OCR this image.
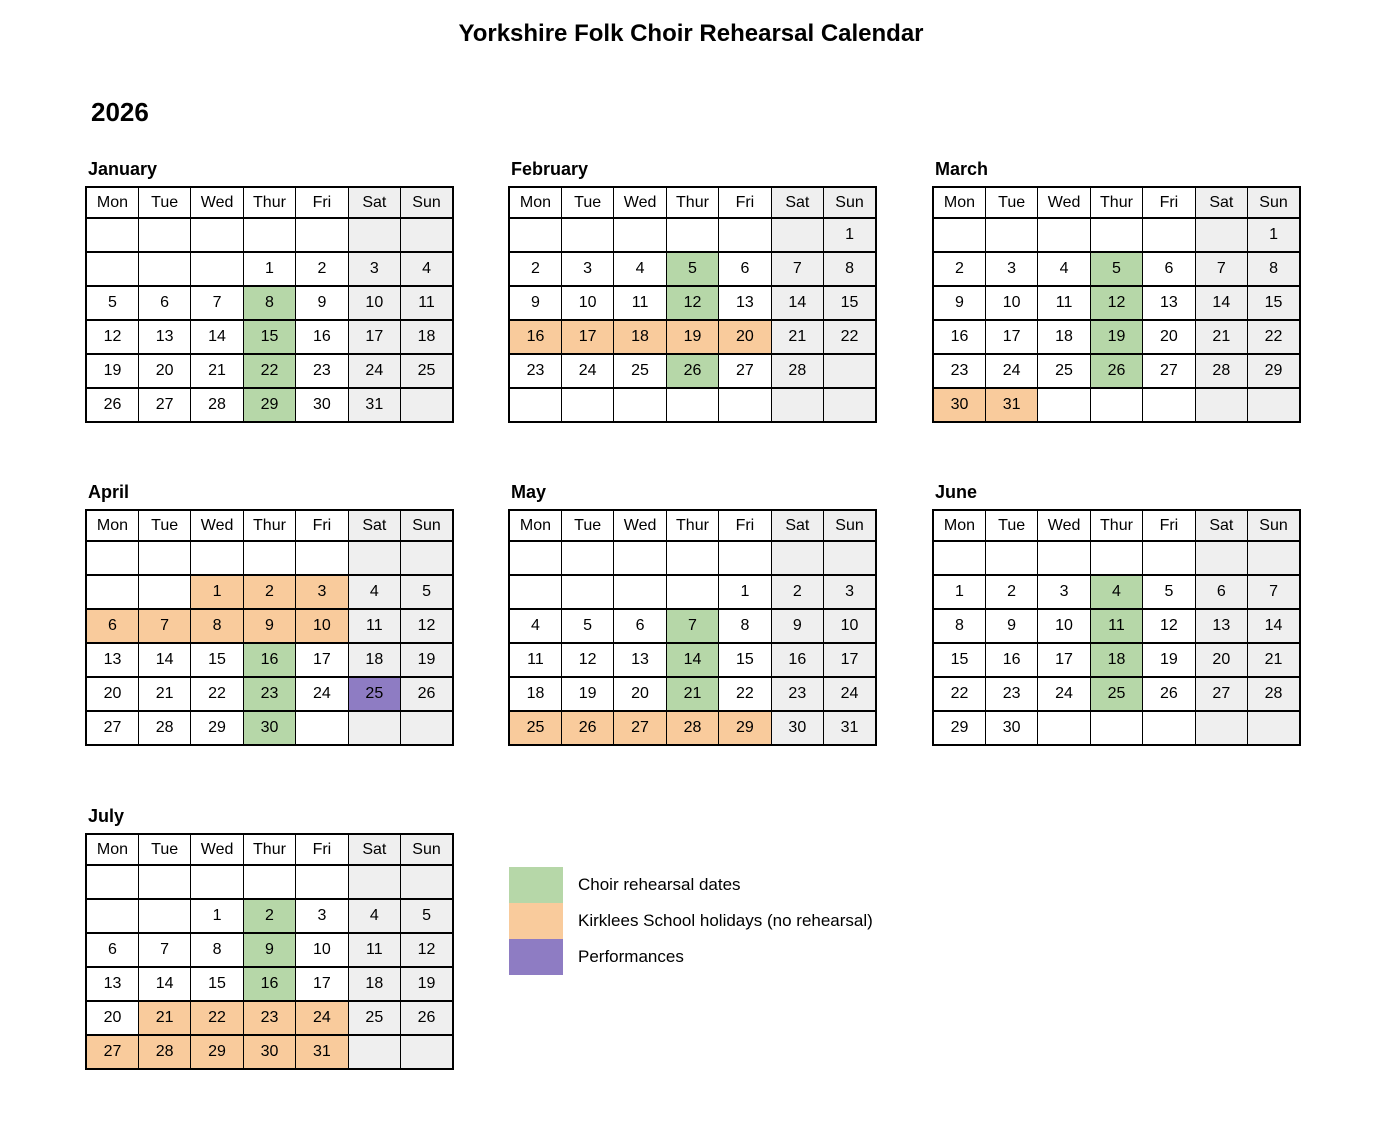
Yorkshire Folk Choir Rehearsal Calendar
2026
January
Mon	Tue	Wed	Thur	Fri	Sat	Sun

			1	2	3	4
5	6	7	8	9	10	11
12	13	14	15	16	17	18
19	20	21	22	23	24	25
26	27	28	29	30	31	
February
Mon	Tue	Wed	Thur	Fri	Sat	Sun
						1
2	3	4	5	6	7	8
9	10	11	12	13	14	15
16	17	18	19	20	21	22
23	24	25	26	27	28	

March
Mon	Tue	Wed	Thur	Fri	Sat	Sun
						1
2	3	4	5	6	7	8
9	10	11	12	13	14	15
16	17	18	19	20	21	22
23	24	25	26	27	28	29
30	31					
April
Mon	Tue	Wed	Thur	Fri	Sat	Sun

		1	2	3	4	5
6	7	8	9	10	11	12
13	14	15	16	17	18	19
20	21	22	23	24	25	26
27	28	29	30			
May
Mon	Tue	Wed	Thur	Fri	Sat	Sun

				1	2	3
4	5	6	7	8	9	10
11	12	13	14	15	16	17
18	19	20	21	22	23	24
25	26	27	28	29	30	31
June
Mon	Tue	Wed	Thur	Fri	Sat	Sun

1	2	3	4	5	6	7
8	9	10	11	12	13	14
15	16	17	18	19	20	21
22	23	24	25	26	27	28
29	30					
July
Mon	Tue	Wed	Thur	Fri	Sat	Sun

		1	2	3	4	5
6	7	8	9	10	11	12
13	14	15	16	17	18	19
20	21	22	23	24	25	26
27	28	29	30	31		
Choir rehearsal dates
Kirklees School holidays (no rehearsal)
Performances
